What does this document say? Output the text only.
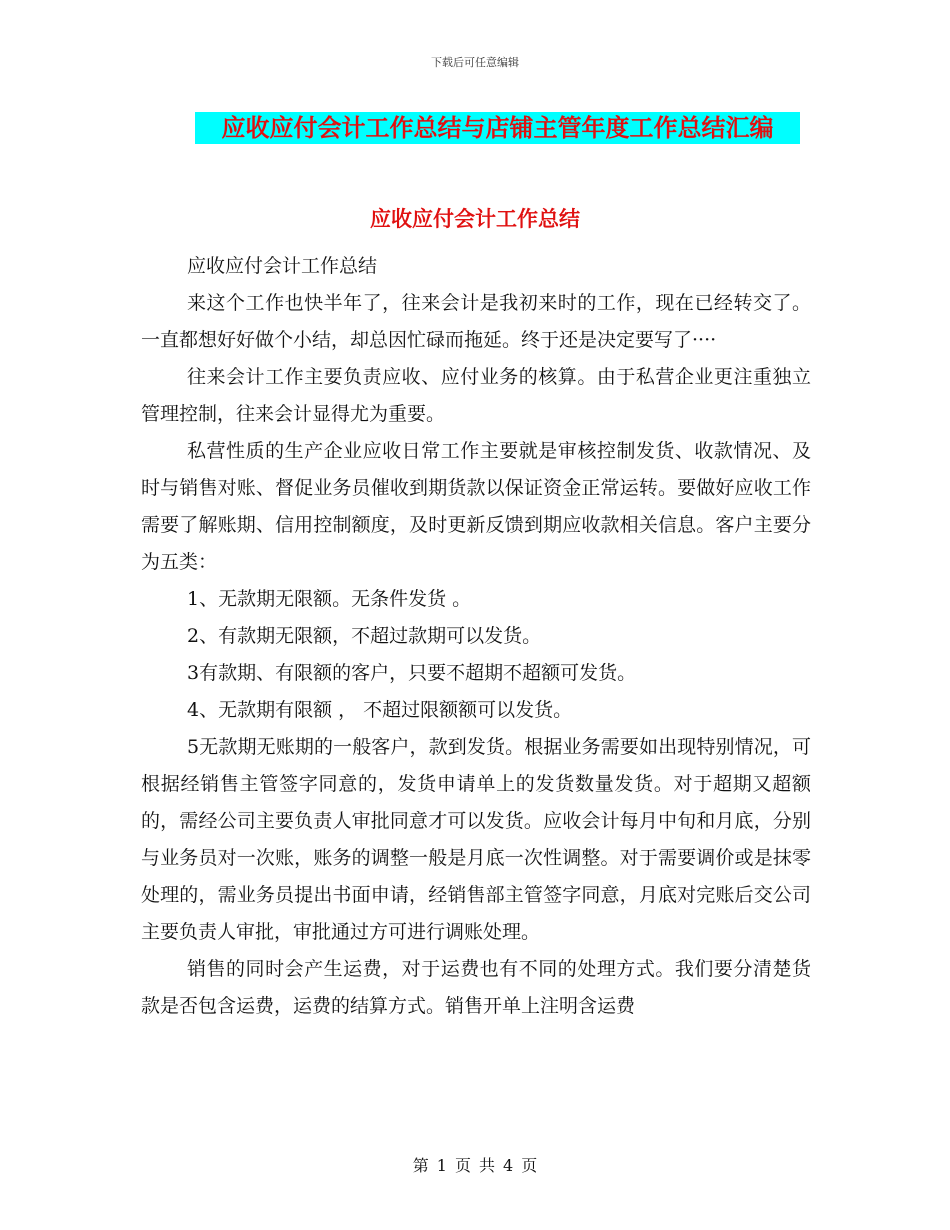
下载后可任意编辑
应收应付会计工作总结与店铺主管年度工作总结汇编
应收应付会计工作总结

应收应付会计工作总结

来这个工作也快半年了，往来会计是我初来时的工作，现在已经转交了。一直都想好好做个小结，却总因忙碌而拖延。终于还是决定要写了····

往来会计工作主要负责应收、应付业务的核算。由于私营企业更注重独立管理控制，往来会计显得尤为重要。

私营性质的生产企业应收日常工作主要就是审核控制发货、收款情况、及时与销售对账、督促业务员催收到期货款以保证资金正常运转。要做好应收工作需要了解账期、信用控制额度，及时更新反馈到期应收款相关信息。客户主要分为五类：

1、无款期无限额。无条件发货 。

2、有款期无限额，不超过款期可以发货。

3有款期、有限额的客户，只要不超期不超额可发货。

4、无款期有限额 ， 不超过限额额可以发货。

5无款期无账期的一般客户，款到发货。根据业务需要如出现特别情况，可根据经销售主管签字同意的，发货申请单上的发货数量发货。对于超期又超额的，需经公司主要负责人审批同意才可以发货。应收会计每月中旬和月底，分别与业务员对一次账，账务的调整一般是月底一次性调整。对于需要调价或是抹零处理的，需业务员提出书面申请，经销售部主管签字同意，月底对完账后交公司主要负责人审批，审批通过方可进行调账处理。

销售的同时会产生运费，对于运费也有不同的处理方式。我们要分清楚货款是否包含运费，运费的结算方式。销售开单上注明含运费

第 1 页 共 4 页
